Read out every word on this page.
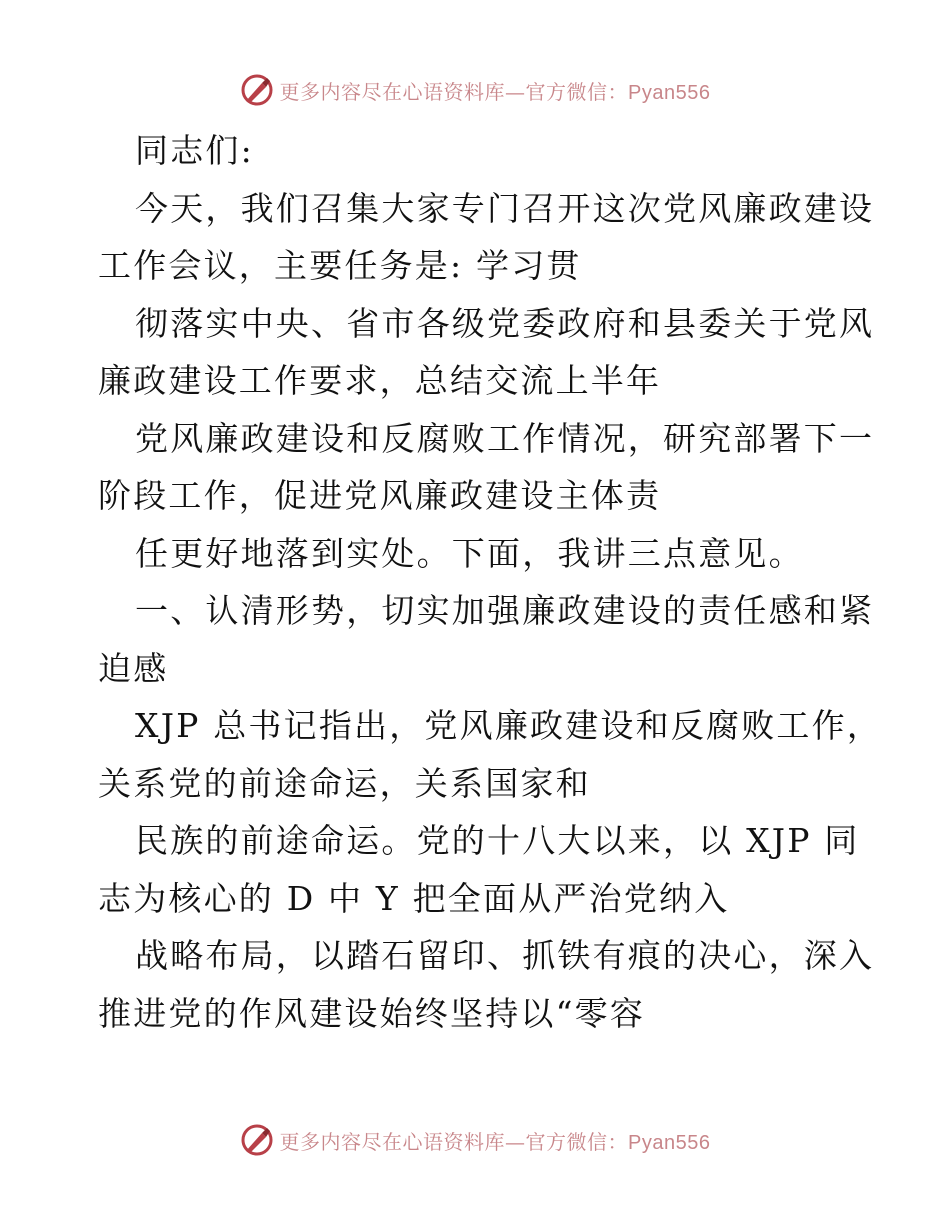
更多内容尽在心语资料库—官方微信：Pyan556

同志们:

今天，我们召集大家专门召开这次党风廉政建设

工作会议，主要任务是: 学习贯

彻落实中央、省市各级党委政府和县委关于党风

廉政建设工作要求，总结交流上半年

党风廉政建设和反腐败工作情况，研究部署下一

阶段工作，促进党风廉政建设主体责

任更好地落到实处。下面，我讲三点意见。

一、认清形势，切实加强廉政建设的责任感和紧

迫感

XJP 总书记指出，党风廉政建设和反腐败工作，

关系党的前途命运，关系国家和

民族的前途命运。党的十八大以来，以 XJP 同

志为核心的 D 中 Y 把全面从严治党纳入

战略布局，以踏石留印、抓铁有痕的决心，深入

推进党的作风建设始终坚持以“零容

更多内容尽在心语资料库—官方微信：Pyan556
